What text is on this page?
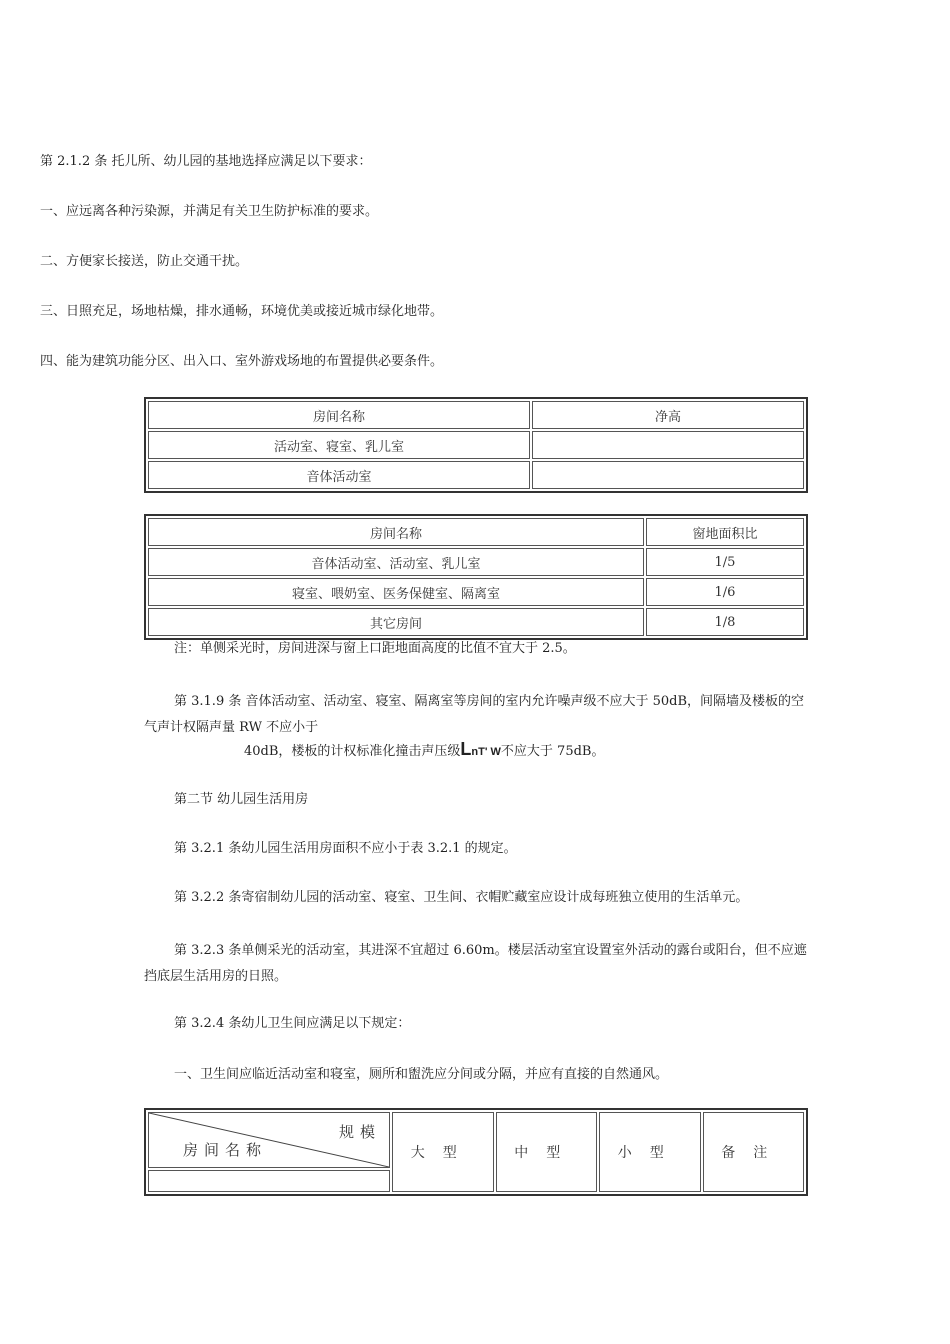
第 2.1.2 条 托儿所、幼儿园的基地选择应满足以下要求：
一、应远离各种污染源，并满足有关卫生防护标准的要求。
二、方便家长接送，防止交通干扰。
三、日照充足，场地枯燥，排水通畅，环境优美或接近城市绿化地带。
四、能为建筑功能分区、出入口、室外游戏场地的布置提供必要条件。
房间名称	净高
活动室、寝室、乳儿室	
音体活动室	
房间名称	窗地面积比
音体活动室、活动室、乳儿室	1/5
寝室、喂奶室、医务保健室、隔离室	1/6
其它房间	1/8
注：单侧采光时，房间进深与窗上口距地面高度的比值不宜大于 2.5。
第 3.1.9 条 音体活动室、活动室、寝室、隔离室等房间的室内允许噪声级不应大于 50dB，间隔墙及楼板的空气声计权隔声量 RW 不应小于
40dB，楼板的计权标准化撞击声压级LnT' W不应大于 75dB。
第二节 幼儿园生活用房
第 3.2.1 条幼儿园生活用房面积不应小于表 3.2.1 的规定。
第 3.2.2 条寄宿制幼儿园的活动室、寝室、卫生间、衣帽贮藏室应设计成每班独立使用的生活单元。
第 3.2.3 条单侧采光的活动室，其进深不宜超过 6.60m。楼层活动室宜设置室外活动的露台或阳台，但不应遮挡底层生活用房的日照。
第 3.2.4 条幼儿卫生间应满足以下规定：
一、卫生间应临近活动室和寝室，厕所和盥洗应分间或分隔，并应有直接的自然通风。
规模
房间名称	大型	中型	小型	备注
